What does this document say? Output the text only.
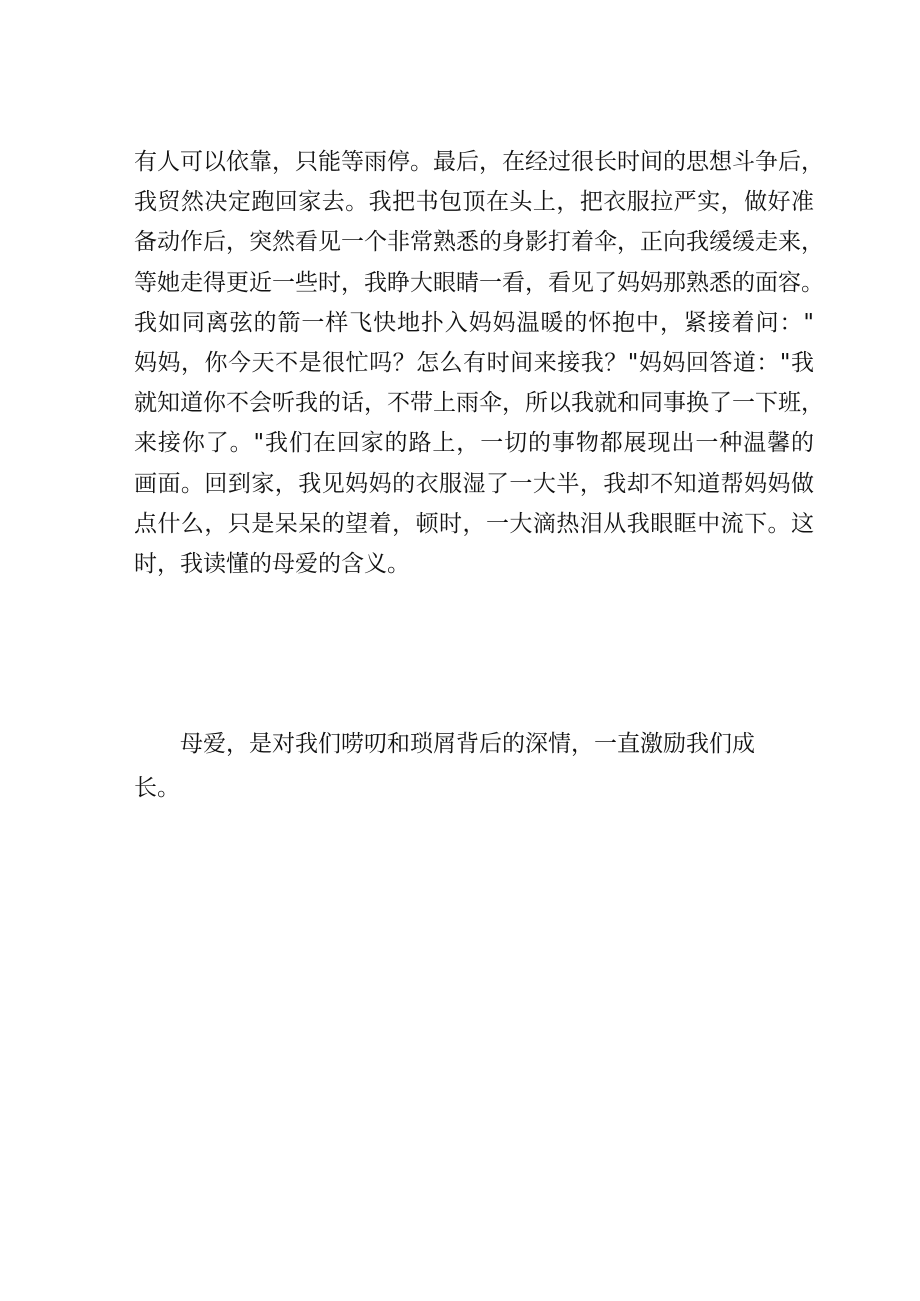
有人可以依靠，只能等雨停。最后，在经过很长时间的思想斗争后，
我贸然决定跑回家去。我把书包顶在头上，把衣服拉严实，做好准
备动作后，突然看见一个非常熟悉的身影打着伞，正向我缓缓走来，
等她走得更近一些时，我睁大眼睛一看，看见了妈妈那熟悉的面容。
我如同离弦的箭一样飞快地扑入妈妈温暖的怀抱中，紧接着问："
妈妈，你今天不是很忙吗？怎么有时间来接我？"妈妈回答道："我
就知道你不会听我的话，不带上雨伞，所以我就和同事换了一下班，
来接你了。"我们在回家的路上，一切的事物都展现出一种温馨的
画面。回到家，我见妈妈的衣服湿了一大半，我却不知道帮妈妈做
点什么，只是呆呆的望着，顿时，一大滴热泪从我眼眶中流下。这
时，我读懂的母爱的含义。
母爱，是对我们唠叨和琐屑背后的深情，一直激励我们成
长。
